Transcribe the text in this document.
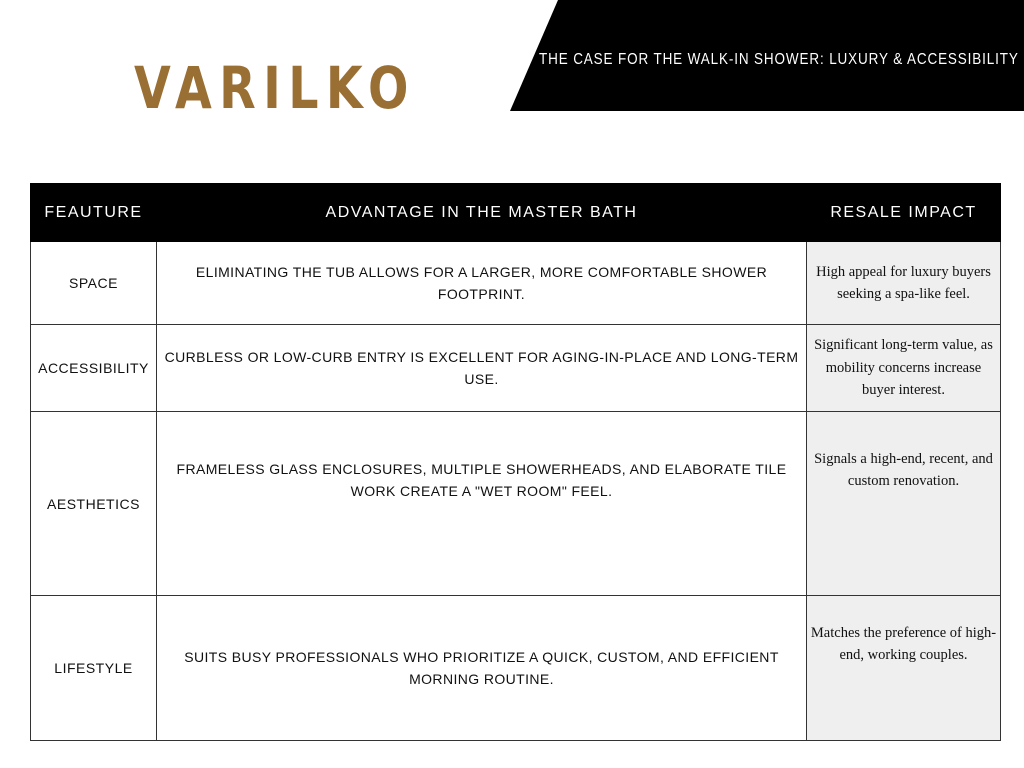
VARILKO	THE CASE FOR THE WALK-IN SHOWER: LUXURY & ACCESSIBILITY
FEAUTURE	ADVANTAGE IN THE MASTER BATH	RESALE IMPACT
SPACE	ELIMINATING THE TUB ALLOWS FOR A LARGER, MORE COMFORTABLE SHOWER FOOTPRINT.	High appeal for luxury buyers seeking a spa-like feel.
ACCESSIBILITY	CURBLESS OR LOW-CURB ENTRY IS EXCELLENT FOR AGING-IN-PLACE AND LONG-TERM USE.	Significant long-term value, as mobility concerns increase buyer interest.
AESTHETICS	FRAMELESS GLASS ENCLOSURES, MULTIPLE SHOWERHEADS, AND ELABORATE TILE WORK CREATE A "WET ROOM" FEEL.	Signals a high-end, recent, and custom renovation.
LIFESTYLE	SUITS BUSY PROFESSIONALS WHO PRIORITIZE A QUICK, CUSTOM, AND EFFICIENT MORNING ROUTINE.	Matches the preference of high-end, working couples.
